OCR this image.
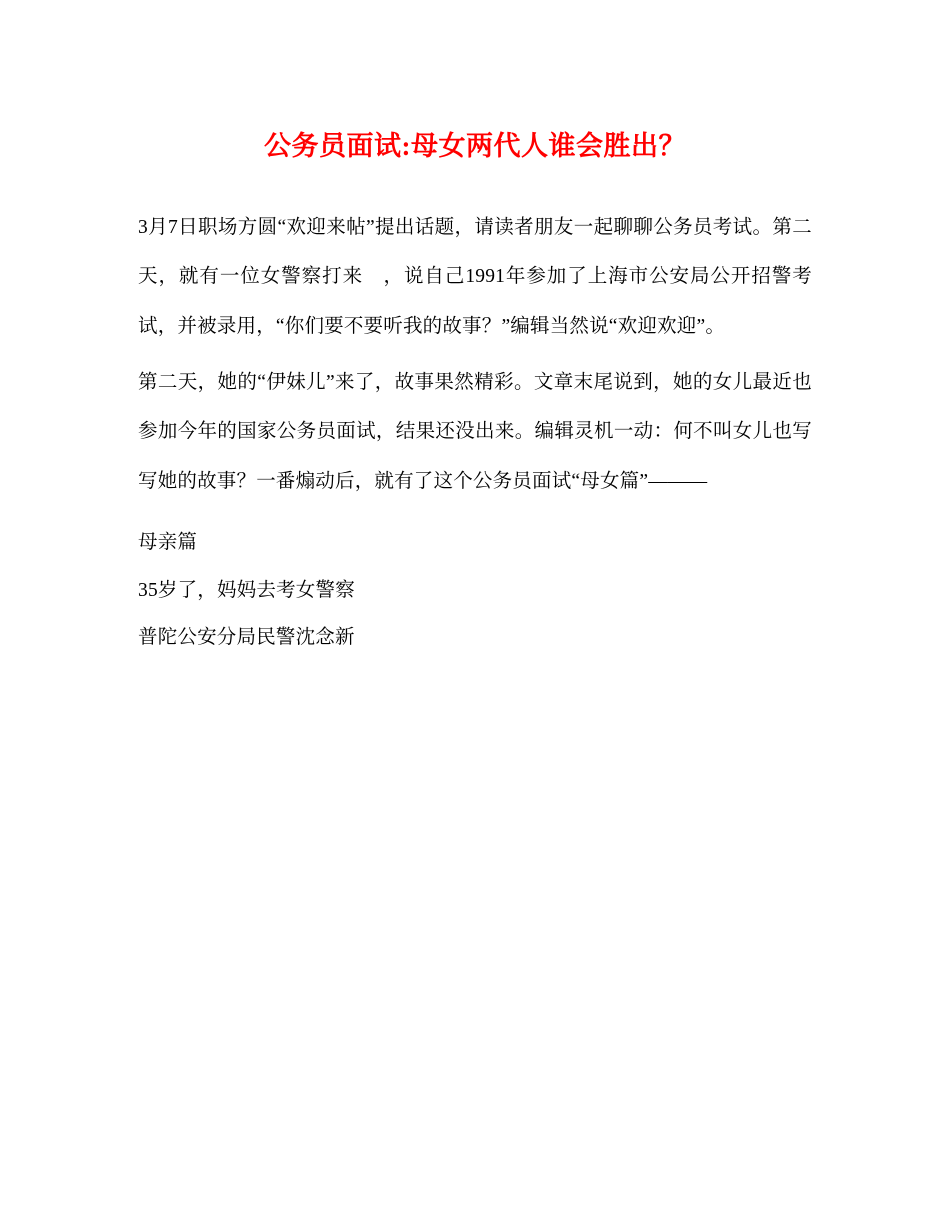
公务员面试:母女两代人谁会胜出？

3月7日职场方圆“欢迎来帖”提出话题，请读者朋友一起聊聊公务员考试。第二天，就有一位女警察打来　，说自己1991年参加了上海市公安局公开招警考试，并被录用，“你们要不要听我的故事？”编辑当然说“欢迎欢迎”。

第二天，她的“伊妹儿”来了，故事果然精彩。文章末尾说到，她的女儿最近也参加今年的国家公务员面试，结果还没出来。编辑灵机一动：何不叫女儿也写写她的故事？一番煽动后，就有了这个公务员面试“母女篇”———

母亲篇

35岁了，妈妈去考女警察

普陀公安分局民警沈念新
